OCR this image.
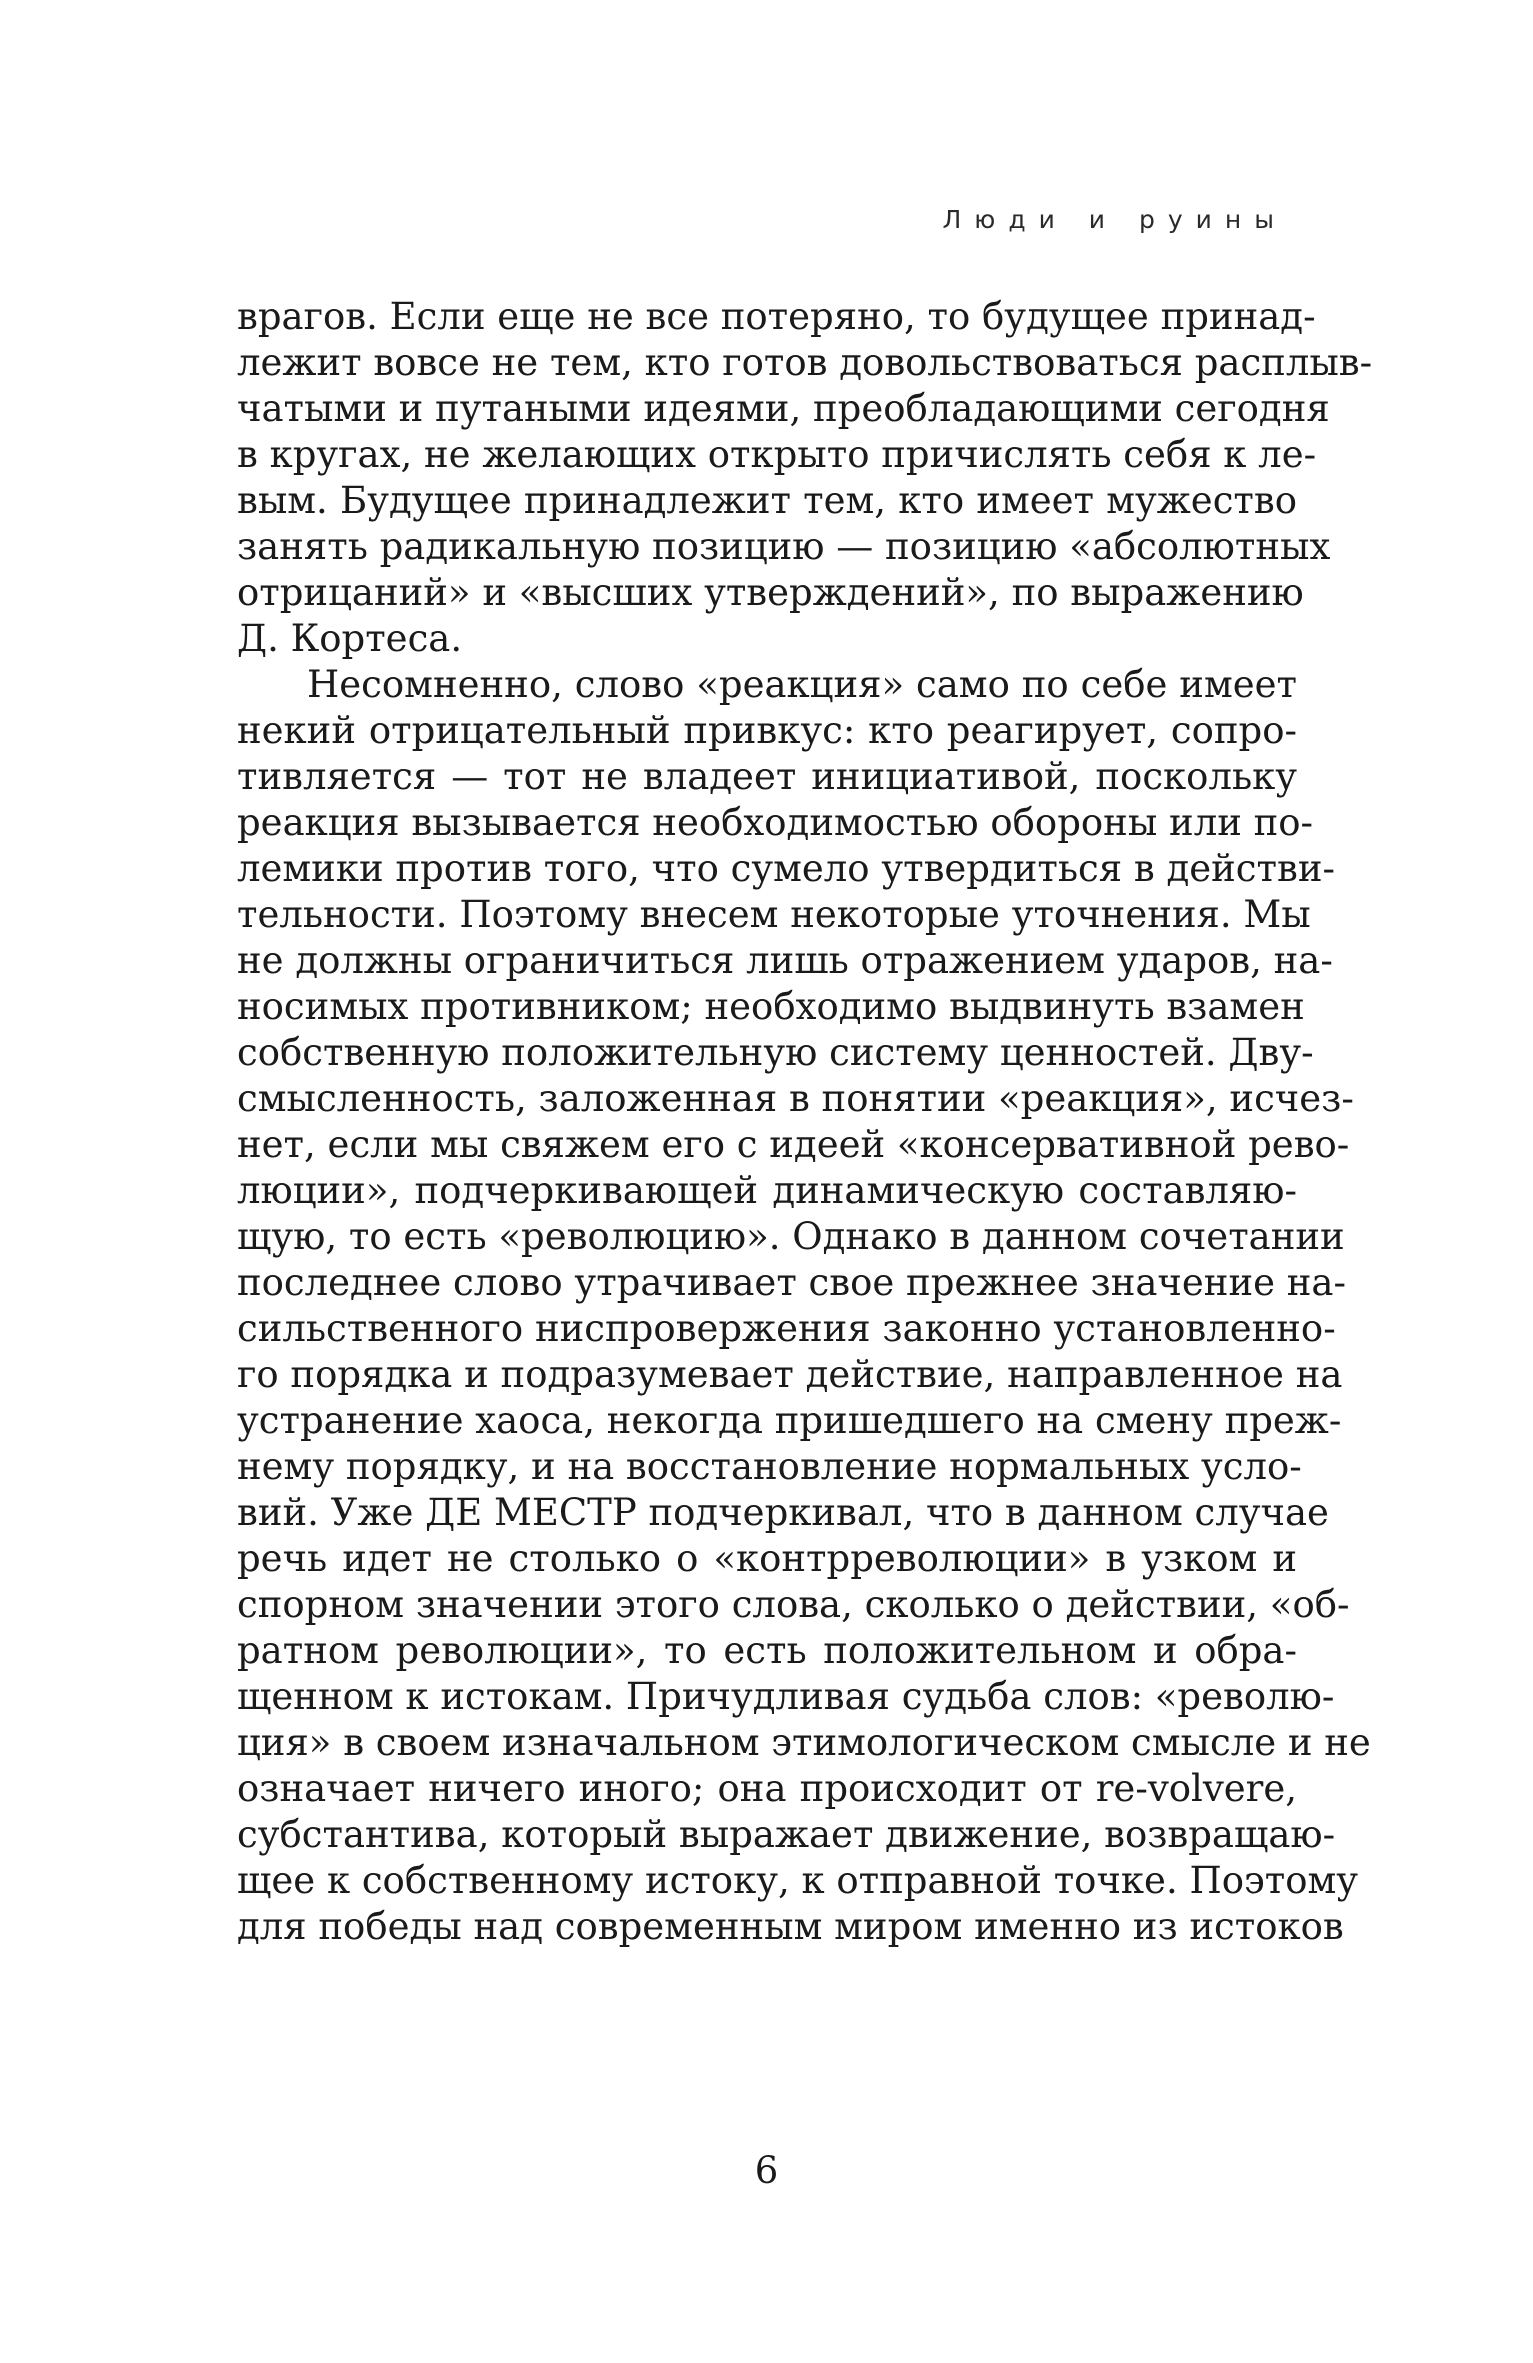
Люди и руины
врагов. Если еще не все потеряно, то будущее принад-
лежит вовсе не тем, кто готов довольствоваться расплыв-
чатыми и путаными идеями, преобладающими сегодня
в кругах, не желающих открыто причислять себя к ле-
вым. Будущее принадлежит тем, кто имеет мужество
занять радикальную позицию — позицию «абсолютных
отрицаний» и «высших утверждений», по выражению
Д. Кортеса.
Несомненно, слово «реакция» само по себе имеет
некий отрицательный привкус: кто реагирует, сопро-
тивляется — тот не владеет инициативой, поскольку
реакция вызывается необходимостью обороны или по-
лемики против того, что сумело утвердиться в действи-
тельности. Поэтому внесем некоторые уточнения. Мы
не должны ограничиться лишь отражением ударов, на-
носимых противником; необходимо выдвинуть взамен
собственную положительную систему ценностей. Дву-
смысленность, заложенная в понятии «реакция», исчез-
нет, если мы свяжем его с идеей «консервативной рево-
люции», подчеркивающей динамическую составляю-
щую, то есть «революцию». Однако в данном сочетании
последнее слово утрачивает свое прежнее значение на-
сильственного ниспровержения законно установленно-
го порядка и подразумевает действие, направленное на
устранение хаоса, некогда пришедшего на смену преж-
нему порядку, и на восстановление нормальных усло-
вий. Уже ДЕ МЕСТР подчеркивал, что в данном случае
речь идет не столько о «контрреволюции» в узком и
спорном значении этого слова, сколько о действии, «об-
ратном революции», то есть положительном и обра-
щенном к истокам. Причудливая судьба слов: «револю-
ция» в своем изначальном этимологическом смысле и не
означает ничего иного; она происходит от re-volvere,
субстантива, который выражает движение, возвращаю-
щее к собственному истоку, к отправной точке. Поэтому
для победы над современным миром именно из истоков
6
